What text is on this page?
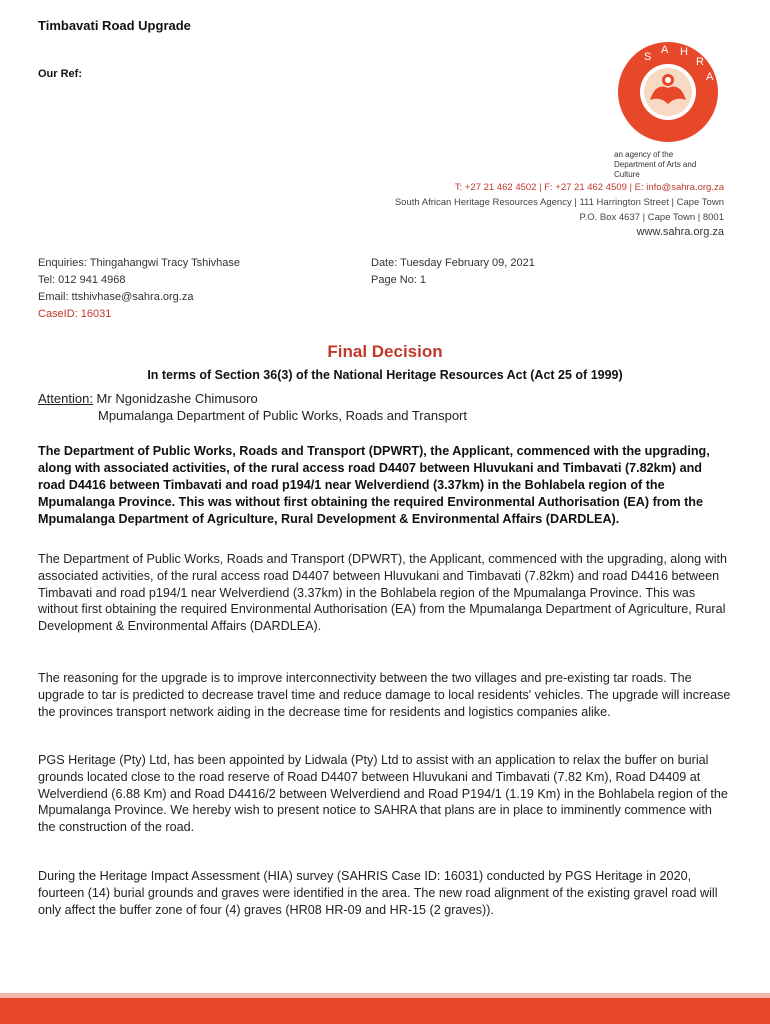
Timbavati Road Upgrade
Our Ref:
S
A H
R
A
an agency of the
Department of Arts and Culture
T: +27 21 462 4502 | F: +27 21 462 4509 | E: info@sahra.org.za
South African Heritage Resources Agency | 111 Harrington Street | Cape Town
P.O. Box 4637 | Cape Town | 8001
www.sahra.org.za
Enquiries: Thingahangwi Tracy Tshivhase
Tel: 012 941 4968
Email: ttshivhase@sahra.org.za
CaseID: 16031
Date: Tuesday February 09, 2021
Page No: 1
Final Decision
In terms of Section 36(3) of the National Heritage Resources Act (Act 25 of 1999)
Attention: Mr Ngonidzashe Chimusoro
Mpumalanga Department of Public Works, Roads and Transport
The Department of Public Works, Roads and Transport (DPWRT), the Applicant, commenced with the upgrading, along with associated activities, of the rural access road D4407 between Hluvukani and Timbavati (7.82km) and road D4416 between Timbavati and road p194/1 near Welverdiend (3.37km) in the Bohlabela region of the Mpumalanga Province. This was without first obtaining the required Environmental Authorisation (EA) from the Mpumalanga Department of Agriculture, Rural Development & Environmental Affairs (DARDLEA).
The Department of Public Works, Roads and Transport (DPWRT), the Applicant, commenced with the upgrading, along with associated activities, of the rural access road D4407 between Hluvukani and Timbavati (7.82km) and road D4416 between Timbavati and road p194/1 near Welverdiend (3.37km) in the Bohlabela region of the Mpumalanga Province. This was without first obtaining the required Environmental Authorisation (EA) from the Mpumalanga Department of Agriculture, Rural Development & Environmental Affairs (DARDLEA).
The reasoning for the upgrade is to improve interconnectivity between the two villages and pre-existing tar roads. The upgrade to tar is predicted to decrease travel time and reduce damage to local residents' vehicles. The upgrade will increase the provinces transport network aiding in the decrease time for residents and logistics companies alike.
PGS Heritage (Pty) Ltd, has been appointed by Lidwala (Pty) Ltd to assist with an application to relax the buffer on burial grounds located close to the road reserve of Road D4407 between Hluvukani and Timbavati (7.82 Km), Road D4409 at Welverdiend (6.88 Km) and Road D4416/2 between Welverdiend and Road P194/1 (1.19 Km) in the Bohlabela region of the Mpumalanga Province. We hereby wish to present notice to SAHRA that plans are in place to imminently commence with the construction of the road.
During the Heritage Impact Assessment (HIA) survey (SAHRIS Case ID: 16031) conducted by PGS Heritage in 2020, fourteen (14) burial grounds and graves were identified in the area. The new road alignment of the existing gravel road will only affect the buffer zone of four (4) graves (HR08 HR-09 and HR-15 (2 graves)).
